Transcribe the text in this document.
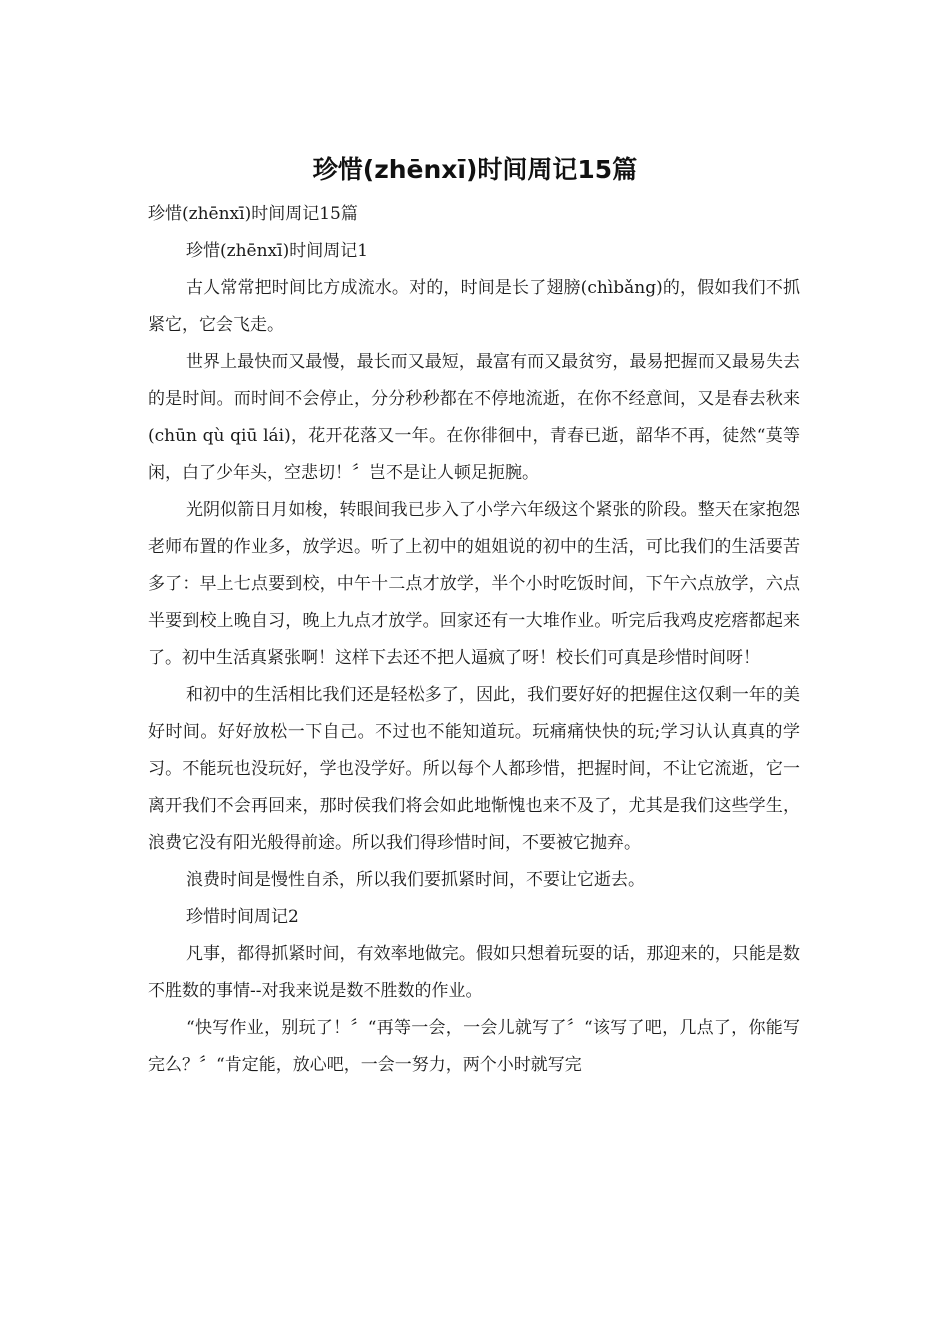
珍惜(zhēnxī)时间周记15篇

珍惜(zhēnxī)时间周记15篇

珍惜(zhēnxī)时间周记1

古人常常把时间比方成流水。对的，时间是长了翅膀(chìbǎng)的，假如我们不抓紧它，它会飞走。

世界上最快而又最慢，最长而又最短，最富有而又最贫穷，最易把握而又最易失去的是时间。而时间不会停止，分分秒秒都在不停地流逝，在你不经意间，又是春去秋来(chūn qù qiū lái)，花开花落又一年。在你徘徊中，青春已逝，韶华不再，徒然“莫等闲，白了少年头，空悲切！〞岂不是让人顿足扼腕。

光阴似箭日月如梭，转眼间我已步入了小学六年级这个紧张的阶段。整天在家抱怨老师布置的作业多，放学迟。听了上初中的姐姐说的初中的生活，可比我们的生活要苦多了：早上七点要到校，中午十二点才放学，半个小时吃饭时间，下午六点放学，六点半要到校上晚自习，晚上九点才放学。回家还有一大堆作业。听完后我鸡皮疙瘩都起来了。初中生活真紧张啊！这样下去还不把人逼疯了呀！校长们可真是珍惜时间呀！

和初中的生活相比我们还是轻松多了，因此，我们要好好的把握住这仅剩一年的美好时间。好好放松一下自己。不过也不能知道玩。玩痛痛快快的玩;学习认认真真的学习。不能玩也没玩好，学也没学好。所以每个人都珍惜，把握时间，不让它流逝，它一离开我们不会再回来，那时侯我们将会如此地惭愧也来不及了，尤其是我们这些学生，浪费它没有阳光般得前途。所以我们得珍惜时间，不要被它抛弃。

浪费时间是慢性自杀，所以我们要抓紧时间，不要让它逝去。

珍惜时间周记2

凡事，都得抓紧时间，有效率地做完。假如只想着玩耍的话，那迎来的，只能是数不胜数的事情--对我来说是数不胜数的作业。

“快写作业，别玩了！〞“再等一会，一会儿就写了〞“该写了吧，几点了，你能写完么？〞“肯定能，放心吧，一会一努力，两个小时就写完
